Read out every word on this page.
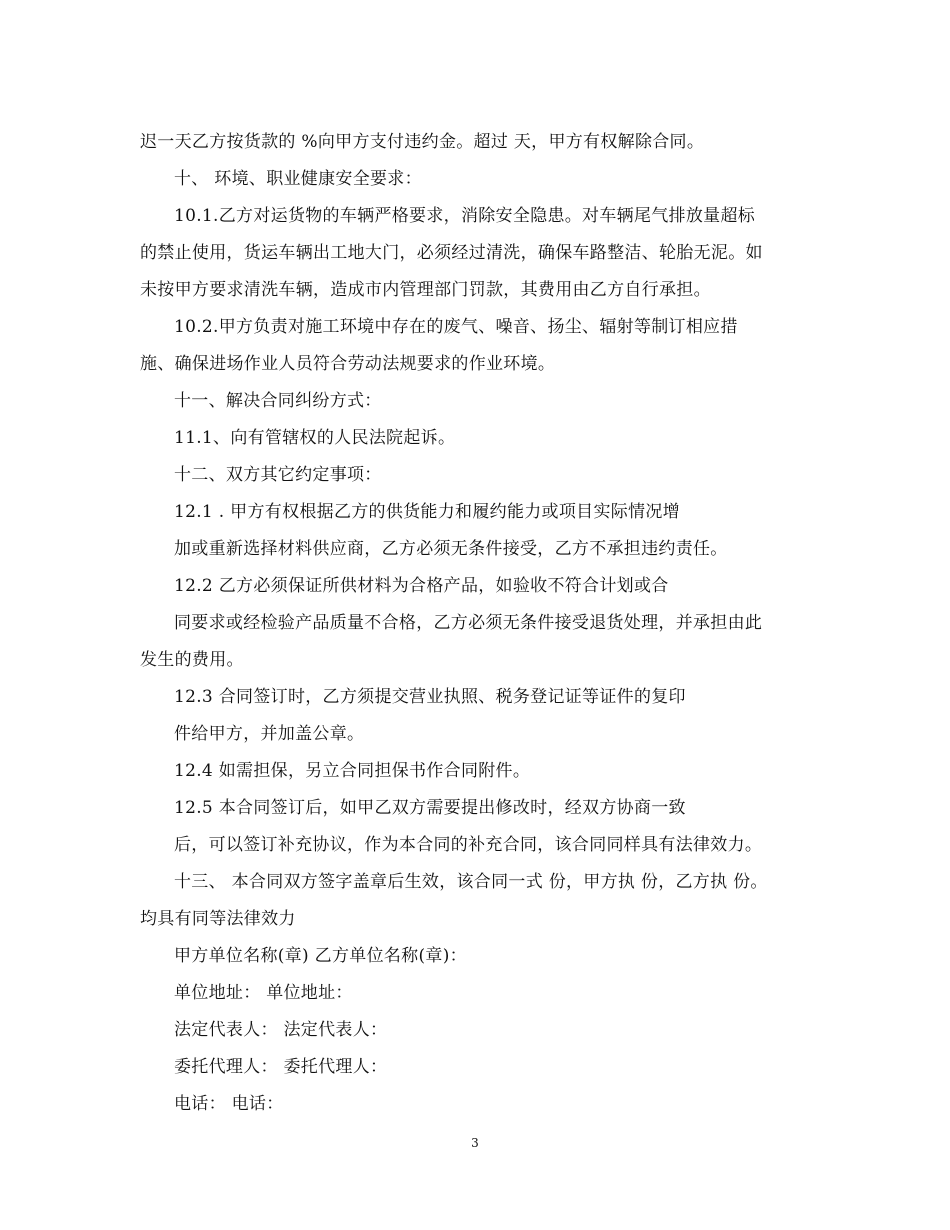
迟一天乙方按货款的 %向甲方支付违约金。超过 天，甲方有权解除合同。
十、 环境、职业健康安全要求：
10.1.乙方对运货物的车辆严格要求，消除安全隐患。对车辆尾气排放量超标
的禁止使用，货运车辆出工地大门，必须经过清洗，确保车路整洁、轮胎无泥。如
未按甲方要求清洗车辆，造成市内管理部门罚款，其费用由乙方自行承担。
10.2.甲方负责对施工环境中存在的废气、噪音、扬尘、辐射等制订相应措
施、确保进场作业人员符合劳动法规要求的作业环境。
十一、解决合同纠纷方式：
11.1、向有管辖权的人民法院起诉。
十二、双方其它约定事项：
12.1 . 甲方有权根据乙方的供货能力和履约能力或项目实际情况增
加或重新选择材料供应商，乙方必须无条件接受，乙方不承担违约责任。
12.2 乙方必须保证所供材料为合格产品，如验收不符合计划或合
同要求或经检验产品质量不合格，乙方必须无条件接受退货处理，并承担由此
发生的费用。
12.3 合同签订时，乙方须提交营业执照、税务登记证等证件的复印
件给甲方，并加盖公章。
12.4 如需担保，另立合同担保书作合同附件。
12.5 本合同签订后，如甲乙双方需要提出修改时，经双方协商一致
后，可以签订补充协议，作为本合同的补充合同，该合同同样具有法律效力。
十三、 本合同双方签字盖章后生效，该合同一式 份，甲方执 份，乙方执 份。
均具有同等法律效力
甲方单位名称(章) 乙方单位名称(章)：
单位地址： 单位地址：
法定代表人： 法定代表人：
委托代理人： 委托代理人：
电话： 电话：
3
